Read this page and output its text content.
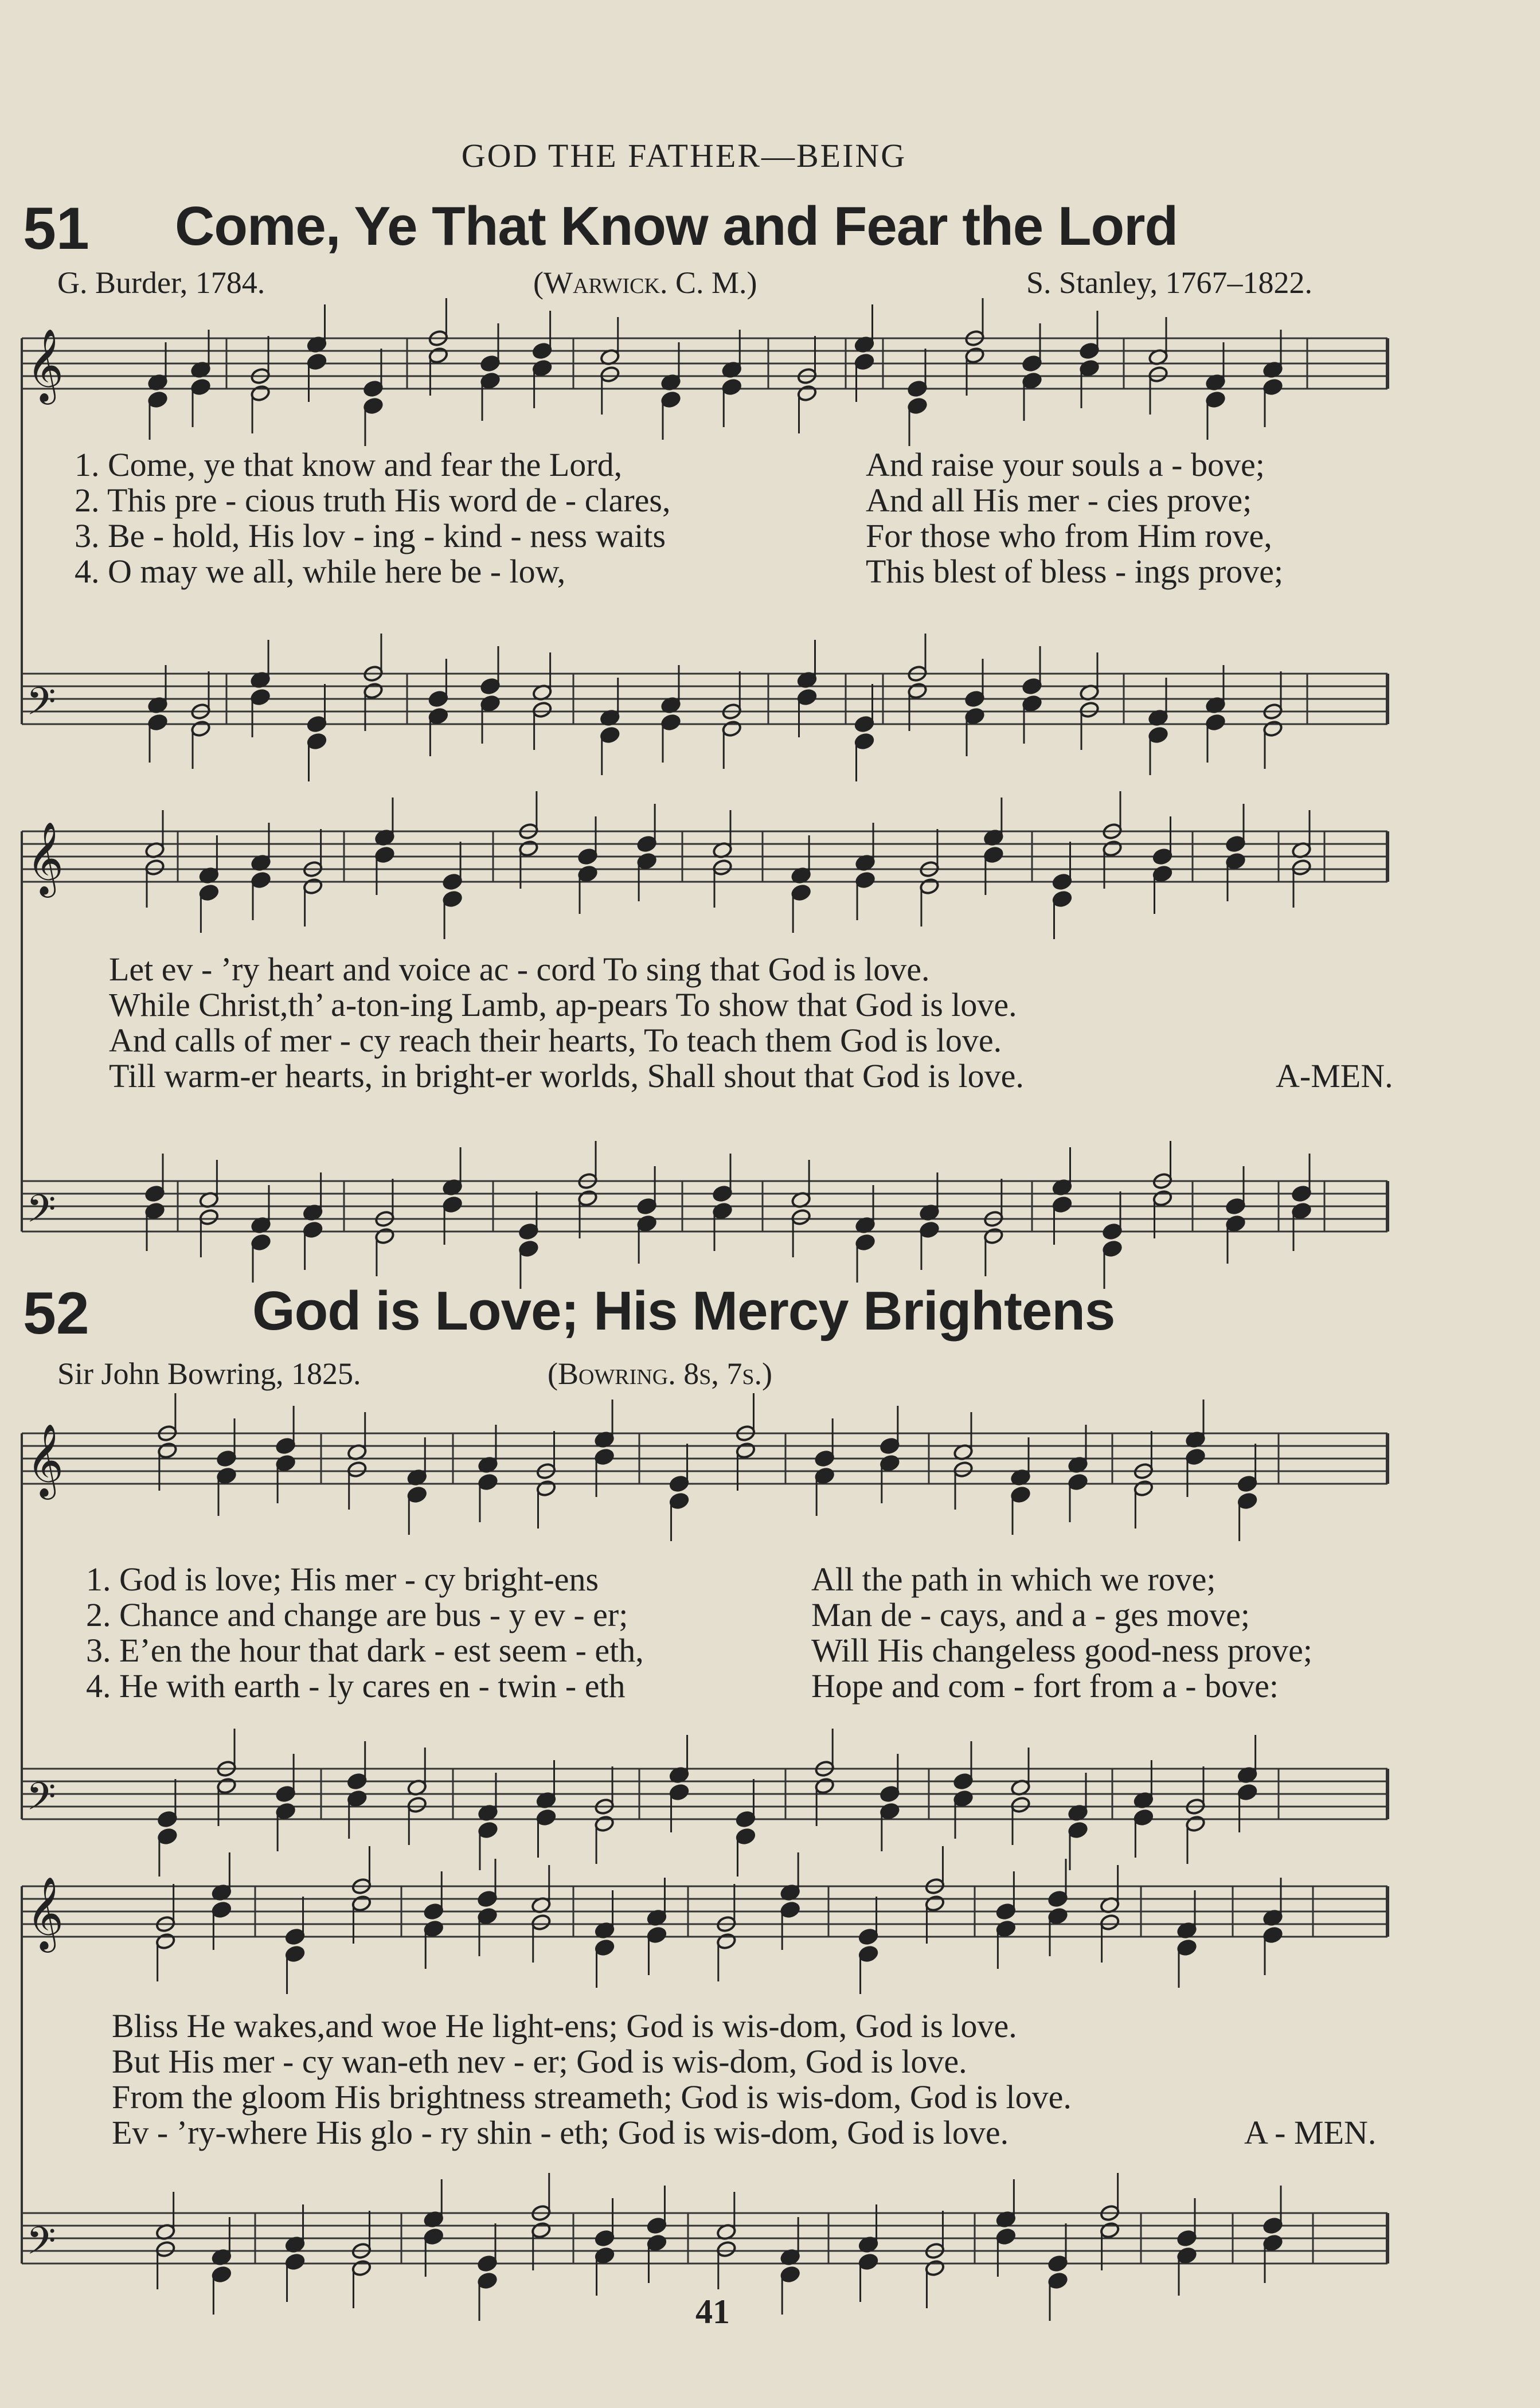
GOD THE FATHER—BEING
51 Come, Ye That Know and Fear the Lord
G. Burder, 1784.	(Warwick. C. M.)	S. Stanley, 1767–1822.
1. Come, ye that know and fear the Lord,
2. This pre - cious truth His word de - clares,
3. Be - hold, His lov - ing - kind - ness waits
4. O may we all, while here be - low,
And raise your souls a - bove;
And all His mer - cies prove;
For those who from Him rove,
This blest of bless - ings prove;
Let ev - ’ry heart and voice ac - cord To sing that God is love.
While Christ,th’ a-ton-ing Lamb, ap-pears To show that God is love.
And calls of mer - cy reach their hearts, To teach them God is love.
Till warm-er hearts, in bright-er worlds, Shall shout that God is love.	A-MEN.
52	God is Love; His Mercy Brightens
Sir John Bowring, 1825.	(Bowring. 8s, 7s.)
1. God is love; His mer - cy bright-ens
2. Chance and change are bus - y ev - er;
3. E’en the hour that dark - est seem - eth,
4. He with earth - ly cares en - twin - eth
All the path in which we rove;
Man de - cays, and a - ges move;
Will His changeless good-ness prove;
Hope and com - fort from a - bove:
Bliss He wakes,and woe He light-ens; God is wis-dom, God is love.
But His mer - cy wan-eth nev - er; God is wis-dom, God is love.
From the gloom His brightness streameth; God is wis-dom, God is love.
Ev - ’ry-where His glo - ry shin - eth; God is wis-dom, God is love.	A - MEN.
41
𝄞
𝄢
𝄞
𝄢
𝄞
𝄢
𝄞
𝄢
